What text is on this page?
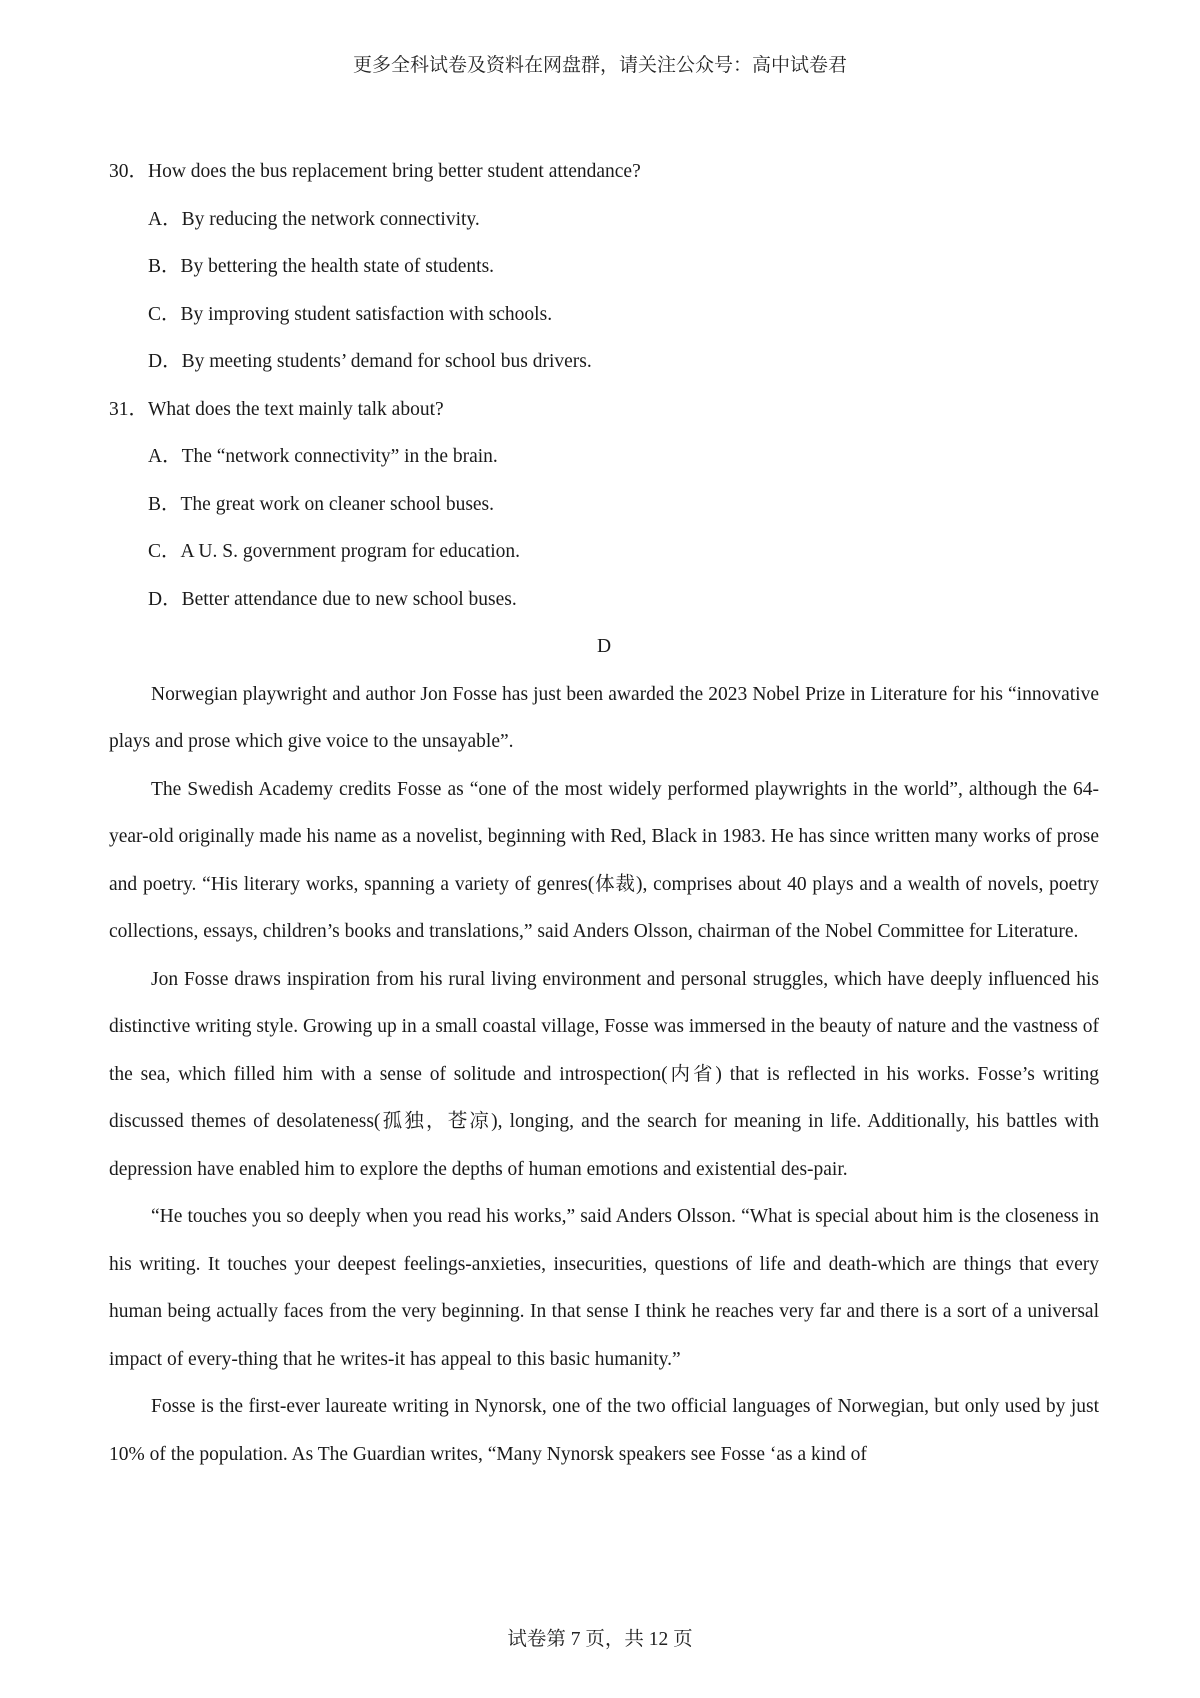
更多全科试卷及资料在网盘群，请关注公众号：高中试卷君
30．How does the bus replacement bring better student attendance?
A．By reducing the network connectivity.
B．By bettering the health state of students.
C．By improving student satisfaction with schools.
D．By meeting students’ demand for school bus drivers.
31．What does the text mainly talk about?
A．The “network connectivity” in the brain.
B．The great work on cleaner school buses.
C．A U. S. government program for education.
D．Better attendance due to new school buses.
D

Norwegian playwright and author Jon Fosse has just been awarded the 2023 Nobel Prize in Literature for his “innovative plays and prose which give voice to the unsayable”.

The Swedish Academy credits Fosse as “one of the most widely performed playwrights in the world”, although the 64-year-old originally made his name as a novelist, beginning with Red, Black in 1983. He has since written many works of prose and poetry. “His literary works, spanning a variety of genres(体裁), comprises about 40 plays and a wealth of novels, poetry collections, essays, children’s books and translations,” said Anders Olsson, chairman of the Nobel Committee for Literature.

Jon Fosse draws inspiration from his rural living environment and personal struggles, which have deeply influenced his distinctive writing style. Growing up in a small coastal village, Fosse was immersed in the beauty of nature and the vastness of the sea, which filled him with a sense of solitude and introspection(内省) that is reflected in his works. Fosse’s writing discussed themes of desolateness(孤独，苍凉), longing, and the search for meaning in life. Additionally, his battles with depression have enabled him to explore the depths of human emotions and existential des-pair.

“He touches you so deeply when you read his works,” said Anders Olsson. “What is special about him is the closeness in his writing. It touches your deepest feelings-anxieties, insecurities, questions of life and death-which are things that every human being actually faces from the very beginning. In that sense I think he reaches very far and there is a sort of a universal impact of every-thing that he writes-it has appeal to this basic humanity.”

Fosse is the first-ever laureate writing in Nynorsk, one of the two official languages of Norwegian, but only used by just 10% of the population. As The Guardian writes, “Many Nynorsk speakers see Fosse ‘as a kind of

试卷第 7 页，共 12 页
